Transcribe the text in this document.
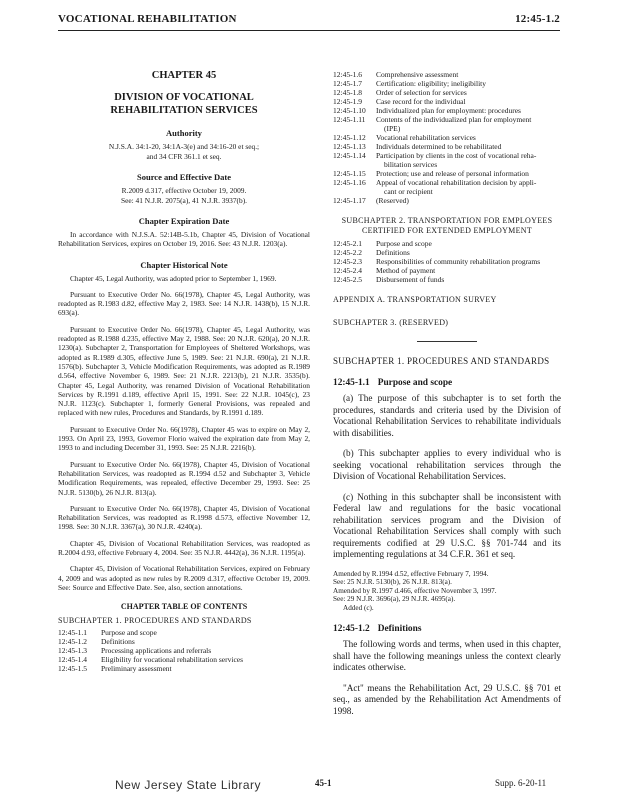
VOCATIONAL REHABILITATION	12:45-1.2

CHAPTER 45

DIVISION OF VOCATIONAL
REHABILITATION SERVICES

Authority

N.J.S.A. 34:1-20, 34:1A-3(e) and 34:16-20 et seq.;
and 34 CFR 361.1 et seq.

Source and Effective Date

R.2009 d.317, effective October 19, 2009.
See: 41 N.J.R. 2075(a), 41 N.J.R. 3937(b).

Chapter Expiration Date

In accordance with N.J.S.A. 52:14B-5.1b, Chapter 45, Division of Vocational Rehabilitation Services, expires on October 19, 2016. See: 43 N.J.R. 1203(a).

Chapter Historical Note

Chapter 45, Legal Authority, was adopted prior to September 1, 1969.

Pursuant to Executive Order No. 66(1978), Chapter 45, Legal Authority, was readopted as R.1983 d.82, effective May 2, 1983. See: 14 N.J.R. 1438(b), 15 N.J.R. 693(a).

Pursuant to Executive Order No. 66(1978), Chapter 45, Legal Authority, was readopted as R.1988 d.235, effective May 2, 1988. See: 20 N.J.R. 620(a), 20 N.J.R. 1230(a). Subchapter 2, Transportation for Employees of Sheltered Workshops, was adopted as R.1989 d.305, effective June 5, 1989. See: 21 N.J.R. 690(a), 21 N.J.R. 1576(b). Subchapter 3, Vehicle Modification Requirements, was adopted as R.1989 d.564, effective November 6, 1989. See: 21 N.J.R. 2213(b), 21 N.J.R. 3535(b). Chapter 45, Legal Authority, was renamed Division of Vocational Rehabilitation Services by R.1991 d.189, effective April 15, 1991. See: 22 N.J.R. 1045(c), 23 N.J.R. 1123(c). Subchapter 1, formerly General Provisions, was repealed and replaced with new rules, Procedures and Standards, by R.1991 d.189.

Pursuant to Executive Order No. 66(1978), Chapter 45 was to expire on May 2, 1993. On April 23, 1993, Governor Florio waived the expiration date from May 2, 1993 to and including December 31, 1993. See: 25 N.J.R. 2216(b).

Pursuant to Executive Order No. 66(1978), Chapter 45, Division of Vocational Rehabilitation Services, was readopted as R.1994 d.52 and Subchapter 3, Vehicle Modification Requirements, was repealed, effective December 29, 1993. See: 25 N.J.R. 5130(b), 26 N.J.R. 813(a).

Pursuant to Executive Order No. 66(1978), Chapter 45, Division of Vocational Rehabilitation Services, was readopted as R.1998 d.573, effective November 12, 1998. See: 30 N.J.R. 3367(a), 30 N.J.R. 4240(a).

Chapter 45, Division of Vocational Rehabilitation Services, was readopted as R.2004 d.93, effective February 4, 2004. See: 35 N.J.R. 4442(a), 36 N.J.R. 1195(a).

Chapter 45, Division of Vocational Rehabilitation Services, expired on February 4, 2009 and was adopted as new rules by R.2009 d.317, effective October 19, 2009. See: Source and Effective Date. See, also, section annotations.

CHAPTER TABLE OF CONTENTS

SUBCHAPTER 1. PROCEDURES AND STANDARDS

12:45-1.1	Purpose and scope
12:45-1.2	Definitions
12:45-1.3	Processing applications and referrals
12:45-1.4	Eligibility for vocational rehabilitation services
12:45-1.5	Preliminary assessment
12:45-1.6	Comprehensive assessment
12:45-1.7	Certification: eligibility; ineligibility
12:45-1.8	Order of selection for services
12:45-1.9	Case record for the individual
12:45-1.10	Individualized plan for employment: procedures
12:45-1.11	Contents of the individualized plan for employment
(IPE)
12:45-1.12	Vocational rehabilitation services
12:45-1.13	Individuals determined to be rehabilitated
12:45-1.14	Participation by clients in the cost of vocational reha-
bilitation services
12:45-1.15	Protection; use and release of personal information
12:45-1.16	Appeal of vocational rehabilitation decision by appli-
cant or recipient
12:45-1.17	(Reserved)

SUBCHAPTER 2. TRANSPORTATION FOR EMPLOYEES
CERTIFIED FOR EXTENDED EMPLOYMENT

12:45-2.1	Purpose and scope
12:45-2.2	Definitions
12:45-2.3	Responsibilities of community rehabilitation programs
12:45-2.4	Method of payment
12:45-2.5	Disbursement of funds

APPENDIX A. TRANSPORTATION SURVEY

SUBCHAPTER 3. (RESERVED)

SUBCHAPTER 1. PROCEDURES AND STANDARDS

12:45-1.1 Purpose and scope

(a) The purpose of this subchapter is to set forth the procedures, standards and criteria used by the Division of Vocational Rehabilitation Services to rehabilitate individuals with disabilities.

(b) This subchapter applies to every individual who is seeking vocational rehabilitation services through the Division of Vocational Rehabilitation Services.

(c) Nothing in this subchapter shall be inconsistent with Federal law and regulations for the basic vocational rehabilitation services program and the Division of Vocational Rehabilitation Services shall comply with such requirements codified at 29 U.S.C. §§ 701-744 and its implementing regulations at 34 C.F.R. 361 et seq.

Amended by R.1994 d.52, effective February 7, 1994.

See: 25 N.J.R. 5130(b), 26 N.J.R. 813(a).

Amended by R.1997 d.466, effective November 3, 1997.

See: 29 N.J.R. 3696(a), 29 N.J.R. 4695(a).

Added (c).

12:45-1.2 Definitions

The following words and terms, when used in this chapter, shall have the following meanings unless the context clearly indicates otherwise.

"Act" means the Rehabilitation Act, 29 U.S.C. §§ 701 et seq., as amended by the Rehabilitation Act Amendments of 1998.

New Jersey State Library	45-1	Supp. 6-20-11
